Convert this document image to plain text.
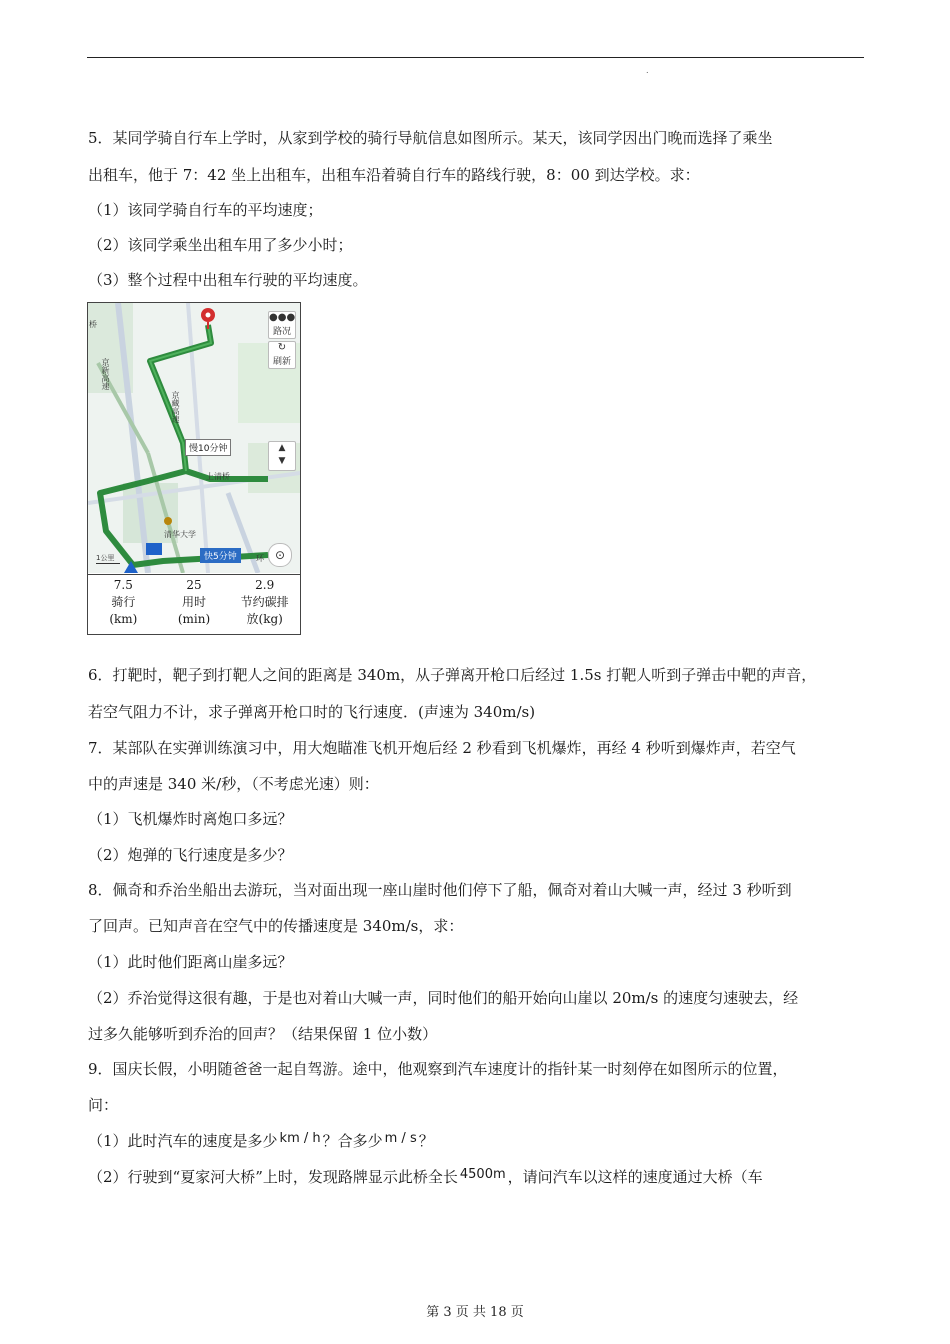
.
5．某同学骑自行车上学时，从家到学校的骑行导航信息如图所示。某天，该同学因出门晚而选择了乘坐
出租车，他于 7：42 坐上出租车，出租车沿着骑自行车的路线行驶，8：00 到达学校。求：
（1）该同学骑自行车的平均速度；
（2）该同学乘坐出租车用了多少小时；
（3）整个过程中出租车行驶的平均速度。
桥
京新高速
京藏高速
上清桥
清华大学
环
●●●
路况
↻
刷新
▲
▼
⊙
慢10分钟
快5分钟
1公里
7.5
骑行
(km)
25
用时
(min)
2.9
节约碳排
放(kg)
6．打靶时，靶子到打靶人之间的距离是 340m，从子弹离开枪口后经过 1.5s 打靶人听到子弹击中靶的声音，
若空气阻力不计，求子弹离开枪口时的飞行速度．(声速为 340m/s)
7．某部队在实弹训练演习中，用大炮瞄准飞机开炮后经 2 秒看到飞机爆炸，再经 4 秒听到爆炸声，若空气
中的声速是 340 米/秒，（不考虑光速）则：
（1）飞机爆炸时离炮口多远？
（2）炮弹的飞行速度是多少？
8．佩奇和乔治坐船出去游玩，当对面出现一座山崖时他们停下了船，佩奇对着山大喊一声，经过 3 秒听到
了回声。已知声音在空气中的传播速度是 340m/s，求：
（1）此时他们距离山崖多远？
（2）乔治觉得这很有趣，于是也对着山大喊一声，同时他们的船开始向山崖以 20m/s 的速度匀速驶去，经
过多久能够听到乔治的回声？（结果保留 1 位小数）
9．国庆长假，小明随爸爸一起自驾游。途中，他观察到汽车速度计的指针某一时刻停在如图所示的位置，
问：
（1）此时汽车的速度是多少 km / h ？合多少 m / s ？
（2）行驶到“夏家河大桥”上时，发现路牌显示此桥全长 4500m ，请问汽车以这样的速度通过大桥（车
第 3 页 共 18 页
